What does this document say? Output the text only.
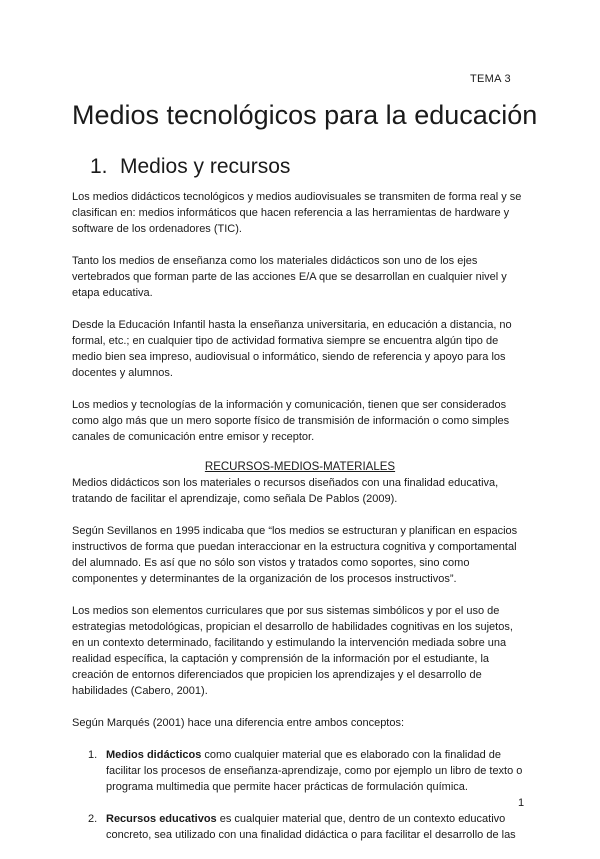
TEMA 3
Medios tecnológicos para la educación
1. Medios y recursos

Los medios didácticos tecnológicos y medios audiovisuales se transmiten de forma real y se clasifican en: medios informáticos que hacen referencia a las herramientas de hardware y software de los ordenadores (TIC).

Tanto los medios de enseñanza como los materiales didácticos son uno de los ejes vertebrados que forman parte de las acciones E/A que se desarrollan en cualquier nivel y etapa educativa.

Desde la Educación Infantil hasta la enseñanza universitaria, en educación a distancia, no formal, etc.; en cualquier tipo de actividad formativa siempre se encuentra algún tipo de medio bien sea impreso, audiovisual o informático, siendo de referencia y apoyo para los docentes y alumnos.

Los medios y tecnologías de la información y comunicación, tienen que ser considerados como algo más que un mero soporte físico de transmisión de información o como simples canales de comunicación entre emisor y receptor.

RECURSOS-MEDIOS-MATERIALES

Medios didácticos son los materiales o recursos diseñados con una finalidad educativa, tratando de facilitar el aprendizaje, como señala De Pablos (2009).

Según Sevillanos en 1995 indicaba que “los medios se estructuran y planifican en espacios instructivos de forma que puedan interaccionar en la estructura cognitiva y comportamental del alumnado. Es así que no sólo son vistos y tratados como soportes, sino como componentes y determinantes de la organización de los procesos instructivos”.

Los medios son elementos curriculares que por sus sistemas simbólicos y por el uso de estrategias metodológicas, propician el desarrollo de habilidades cognitivas en los sujetos, en un contexto determinado, facilitando y estimulando la intervención mediada sobre una realidad específica, la captación y comprensión de la información por el estudiante, la creación de entornos diferenciados que propicien los aprendizajes y el desarrollo de habilidades (Cabero, 2001).

Según Marqués (2001) hace una diferencia entre ambos conceptos:

1. Medios didácticos como cualquier material que es elaborado con la finalidad de facilitar los procesos de enseñanza-aprendizaje, como por ejemplo un libro de texto o programa multimedia que permite hacer prácticas de formulación química.
2. Recursos educativos es cualquier material que, dentro de un contexto educativo concreto, sea utilizado con una finalidad didáctica o para facilitar el desarrollo de las
1
